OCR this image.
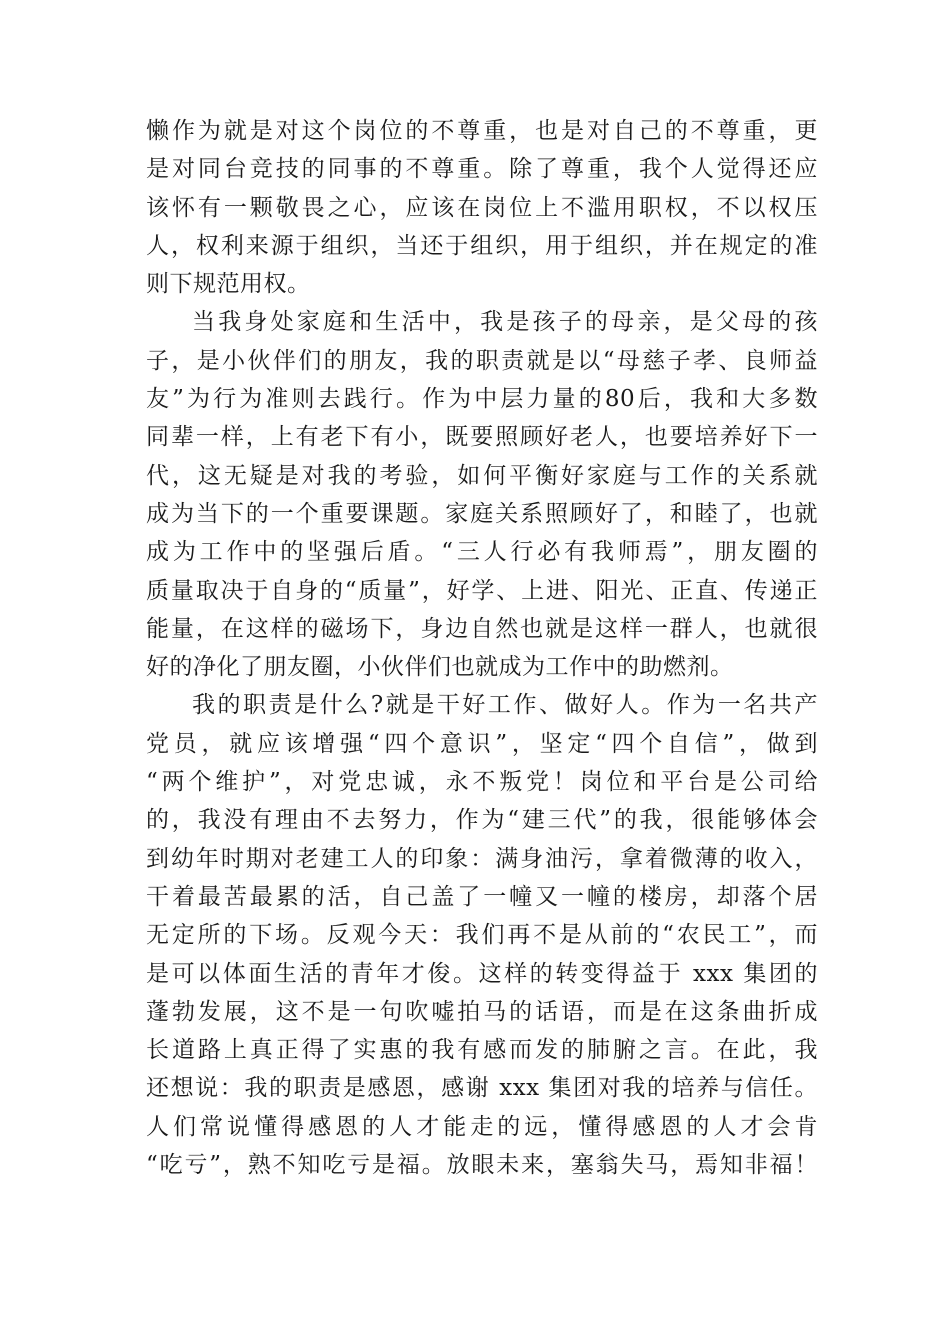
懒作为就是对这个岗位的不尊重，也是对自己的不尊重，更
是对同台竞技的同事的不尊重。除了尊重，我个人觉得还应
该怀有一颗敬畏之心，应该在岗位上不滥用职权，不以权压
人，权利来源于组织，当还于组织，用于组织，并在规定的准
则下规范用权。
当我身处家庭和生活中，我是孩子的母亲，是父母的孩
子，是小伙伴们的朋友，我的职责就是以“母慈子孝、良师益
友”为行为准则去践行。作为中层力量的80后，我和大多数
同辈一样，上有老下有小，既要照顾好老人，也要培养好下一
代，这无疑是对我的考验，如何平衡好家庭与工作的关系就
成为当下的一个重要课题。家庭关系照顾好了，和睦了，也就
成为工作中的坚强后盾。“三人行必有我师焉”，朋友圈的
质量取决于自身的“质量”，好学、上进、阳光、正直、传递正
能量，在这样的磁场下，身边自然也就是这样一群人，也就很
好的净化了朋友圈，小伙伴们也就成为工作中的助燃剂。
我的职责是什么?就是干好工作、做好人。作为一名共产
党员，就应该增强“四个意识”，坚定“四个自信”，做到
“两个维护”，对党忠诚，永不叛党！岗位和平台是公司给
的，我没有理由不去努力，作为“建三代”的我，很能够体会
到幼年时期对老建工人的印象：满身油污，拿着微薄的收入，
干着最苦最累的活，自己盖了一幢又一幢的楼房，却落个居
无定所的下场。反观今天：我们再不是从前的“农民工”，而
是可以体面生活的青年才俊。这样的转变得益于 xxx 集团的
蓬勃发展，这不是一句吹嘘拍马的话语，而是在这条曲折成
长道路上真正得了实惠的我有感而发的肺腑之言。在此，我
还想说：我的职责是感恩，感谢 xxx 集团对我的培养与信任。
人们常说懂得感恩的人才能走的远，懂得感恩的人才会肯
“吃亏”，熟不知吃亏是福。放眼未来，塞翁失马，焉知非福！
